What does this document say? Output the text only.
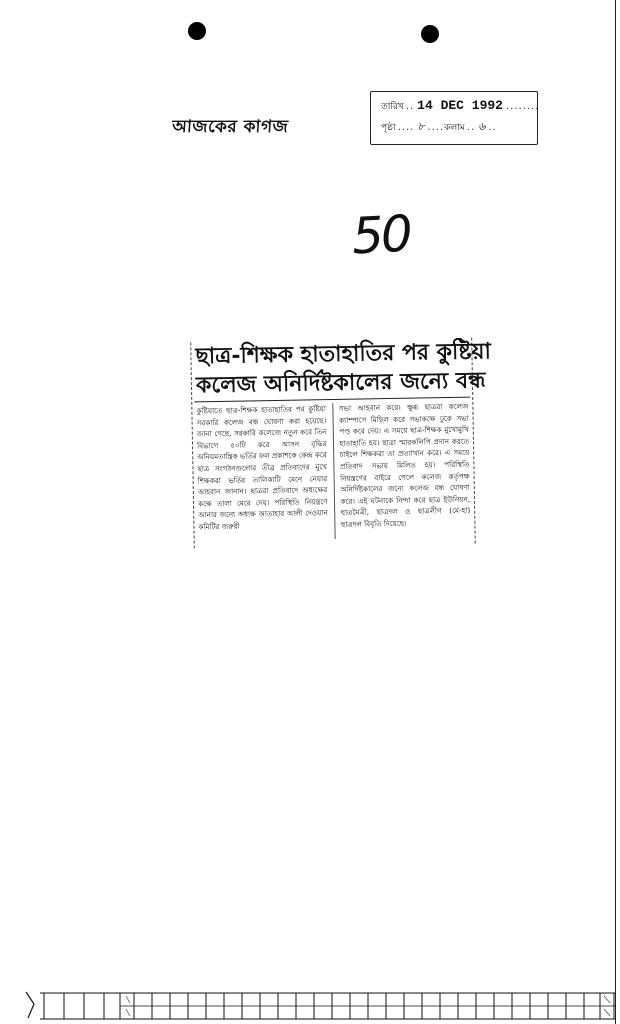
আজকের কাগজ
তারিখ .. 14 DEC 1992 ........
পৃষ্ঠা .... ৮ .... কলাম .. ৬ ..
50
ছাত্র-শিক্ষক হাতাহাতির পর কুষ্টিয়া
কলেজ অনির্দিষ্টকালের জন্যে বন্ধ
কুষ্টিয়াতে ছাত্র-শিক্ষক হাতাহাতির পর কুষ্টিয়া সরকারি কলেজ বন্ধ ঘোষণা করা হয়েছে। জানা গেছে, সরকারি কলেজে নতুন করে তিন বিভাগে ৫০টি করে আসন বৃদ্ধির অনিয়মতান্ত্রিক ভর্তির ফল প্রকাশকে কেন্দ্র করে ছাত্র সংগঠনগুলোর তীব্র প্রতিবাদের মুখে শিক্ষকরা ভর্তির তালিকাটি মেনে নেয়ার আহবান জানান। ছাত্ররা প্রতিবাদে অধ্যক্ষের কক্ষে তালা মেরে দেয়। পরিস্থিতি নিয়ন্ত্রণে আনার জন্যে অধ্যক্ষ আতাহার আলী দেওয়ান কমিটির জরুরী
সভা আহবান করে। ক্ষুব্ধ ছাত্ররা কলেজ ক্যাম্পাসে মিছিল করে সভাকক্ষে ঢুকে সভা পণ্ড করে দেয়। এ সময়ে ছাত্র-শিক্ষক মুখোমুখি হাতাহাতি হয়। ছাত্রা স্মারকলিপি প্রদান করতে চাইলে শিক্ষকরা তা প্রত্যাখান করে। এ সময়ে প্রতিবাদ সভায় মিলিত হয়। পরিস্থিতি নিয়ন্ত্রণের বাইরে গেলে কলেজ কর্তৃপক্ষ অনির্দিষ্টকালের জন্যে কলেজ বন্ধ ঘোষণা করে। এই ঘটনাকে নিন্দা করে ছাত্র ইউনিয়ন, ছাত্রমৈত্রী, ছাত্রদল ও ছাত্রলীগ (মে-হা) ছাত্রদল বিবৃতি দিয়েছে।
